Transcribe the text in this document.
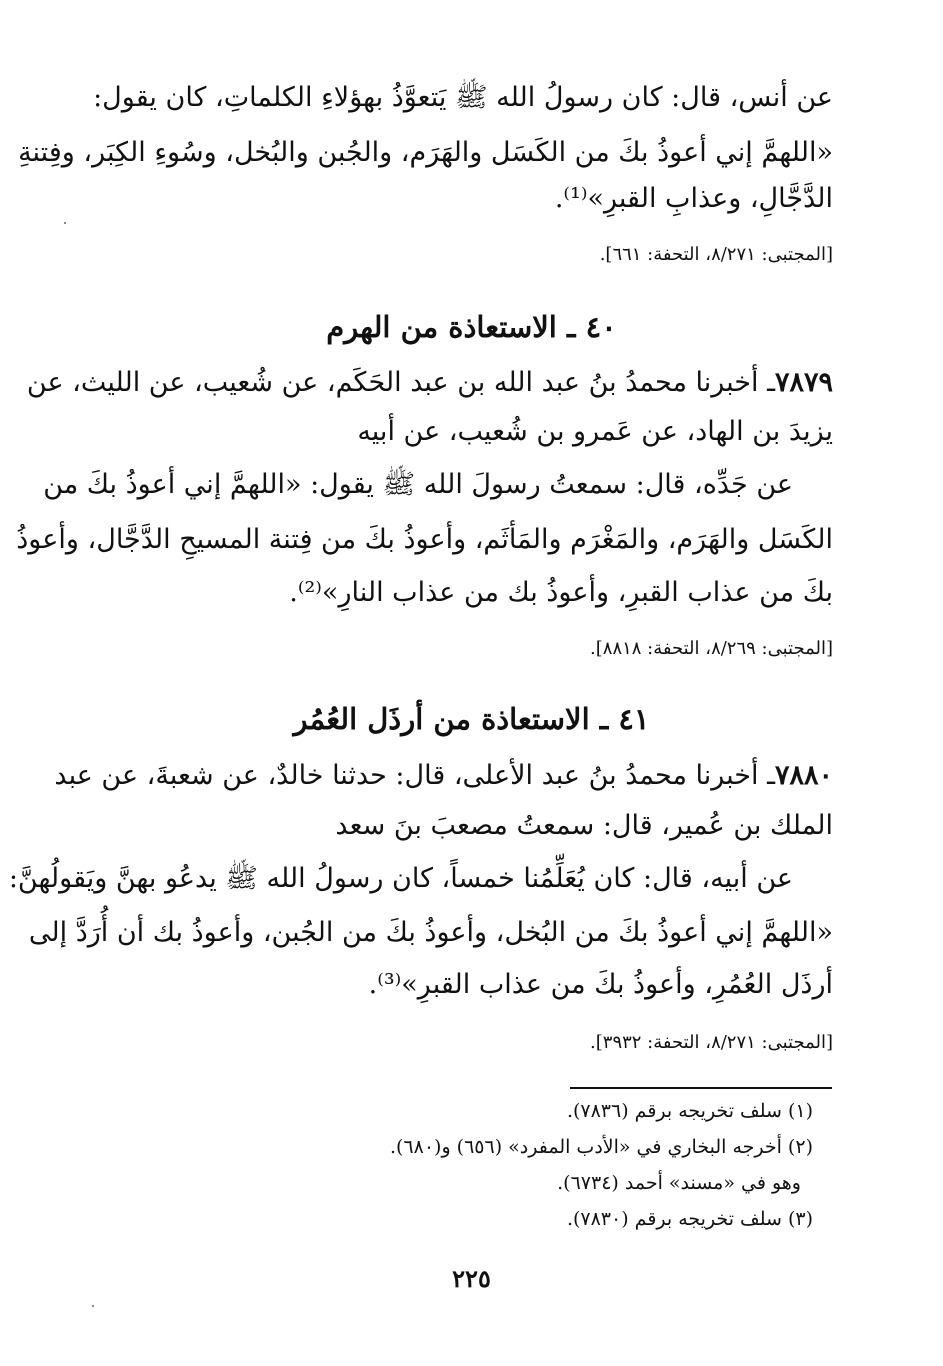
عن أنس، قال: كان رسولُ الله ﷺ يَتعوَّذُ بهؤلاءِ الكلماتِ، كان يقول:
«اللهمَّ إني أعوذُ بكَ من الكَسَل والهَرَم، والجُبن والبُخل، وسُوءِ الكِبَر، وفِتنةِ
الدَّجَّالِ، وعذابِ القبرِ»⁽¹⁾.
[المجتبى: ٨/٢٧١، التحفة: ٦٦١].
٤٠ ـ الاستعاذة من الهرم
٧٨٧٩ـ أخبرنا محمدُ بنُ عبد الله بن عبد الحَكَم، عن شُعيب، عن الليث، عن
يزيدَ بن الهاد، عن عَمرو بن شُعيب، عن أبيه
عن جَدِّه، قال: سمعتُ رسولَ الله ﷺ يقول: «اللهمَّ إني أعوذُ بكَ من
الكَسَل والهَرَم، والمَغْرَم والمَأثَم، وأعوذُ بكَ من فِتنة المسيحِ الدَّجَّال، وأعوذُ
بكَ من عذاب القبرِ، وأعوذُ بك من عذاب النارِ»⁽²⁾.
[المجتبى: ٨/٢٦٩، التحفة: ٨٨١٨].
٤١ ـ الاستعاذة من أرذَل العُمُر
٧٨٨٠ـ أخبرنا محمدُ بنُ عبد الأعلى، قال: حدثنا خالدٌ، عن شعبةَ، عن عبد
الملك بن عُمير، قال: سمعتُ مصعبَ بنَ سعد
عن أبيه، قال: كان يُعَلِّمُنا خمساً، كان رسولُ الله ﷺ يدعُو بهنَّ ويَقولُهنَّ:
«اللهمَّ إني أعوذُ بكَ من البُخل، وأعوذُ بكَ من الجُبن، وأعوذُ بك أن أُرَدَّ إلى
أرذَل العُمُرِ، وأعوذُ بكَ من عذاب القبرِ»⁽³⁾.
[المجتبى: ٨/٢٧١، التحفة: ٣٩٣٢].
(١) سلف تخريجه برقم (٧٨٣٦).
(٢) أخرجه البخاري في «الأدب المفرد» (٦٥٦) و(٦٨٠).
وهو في «مسند» أحمد (٦٧٣٤).
(٣) سلف تخريجه برقم (٧٨٣٠).
٢٢٥
